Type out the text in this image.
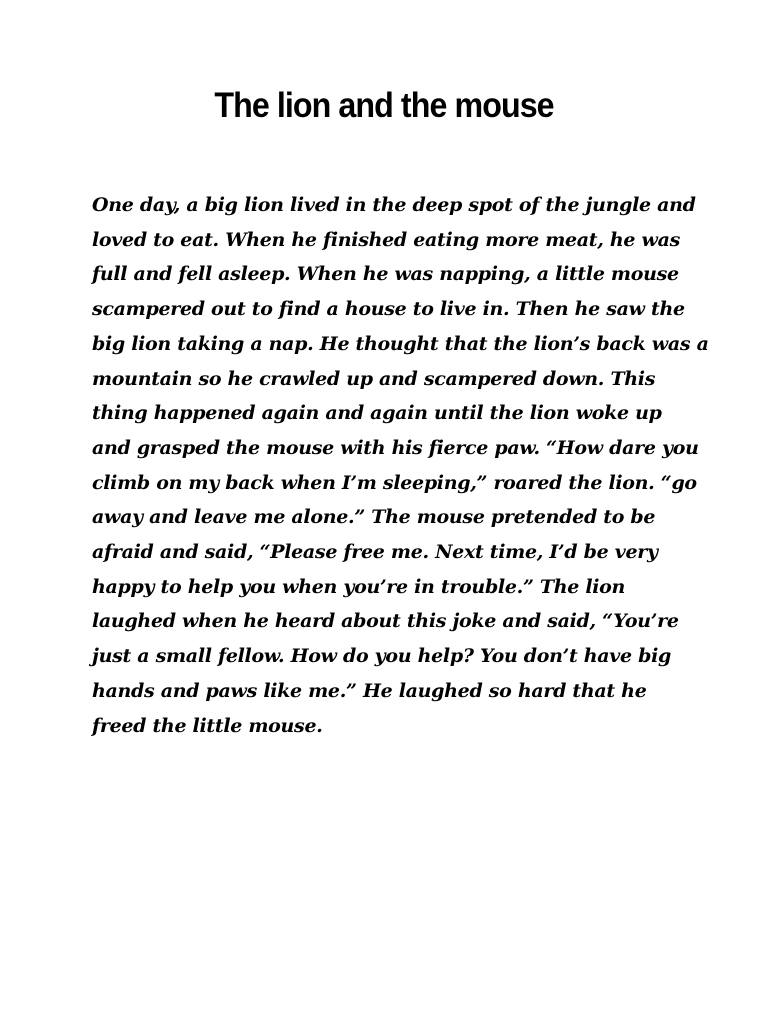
The lion and the mouse

One day, a big lion lived in the deep spot of the jungle and
loved to eat. When he finished eating more meat, he was
full and fell asleep. When he was napping, a little mouse
scampered out to find a house to live in. Then he saw the
big lion taking a nap. He thought that the lion’s back was a
mountain so he crawled up and scampered down. This
thing happened again and again until the lion woke up
and grasped the mouse with his fierce paw. “How dare you
climb on my back when I’m sleeping,” roared the lion. “go
away and leave me alone.” The mouse pretended to be
afraid and said, “Please free me. Next time, I’d be very
happy to help you when you’re in trouble.” The lion
laughed when he heard about this joke and said, “You’re
just a small fellow. How do you help? You don’t have big
hands and paws like me.” He laughed so hard that he
freed the little mouse.
